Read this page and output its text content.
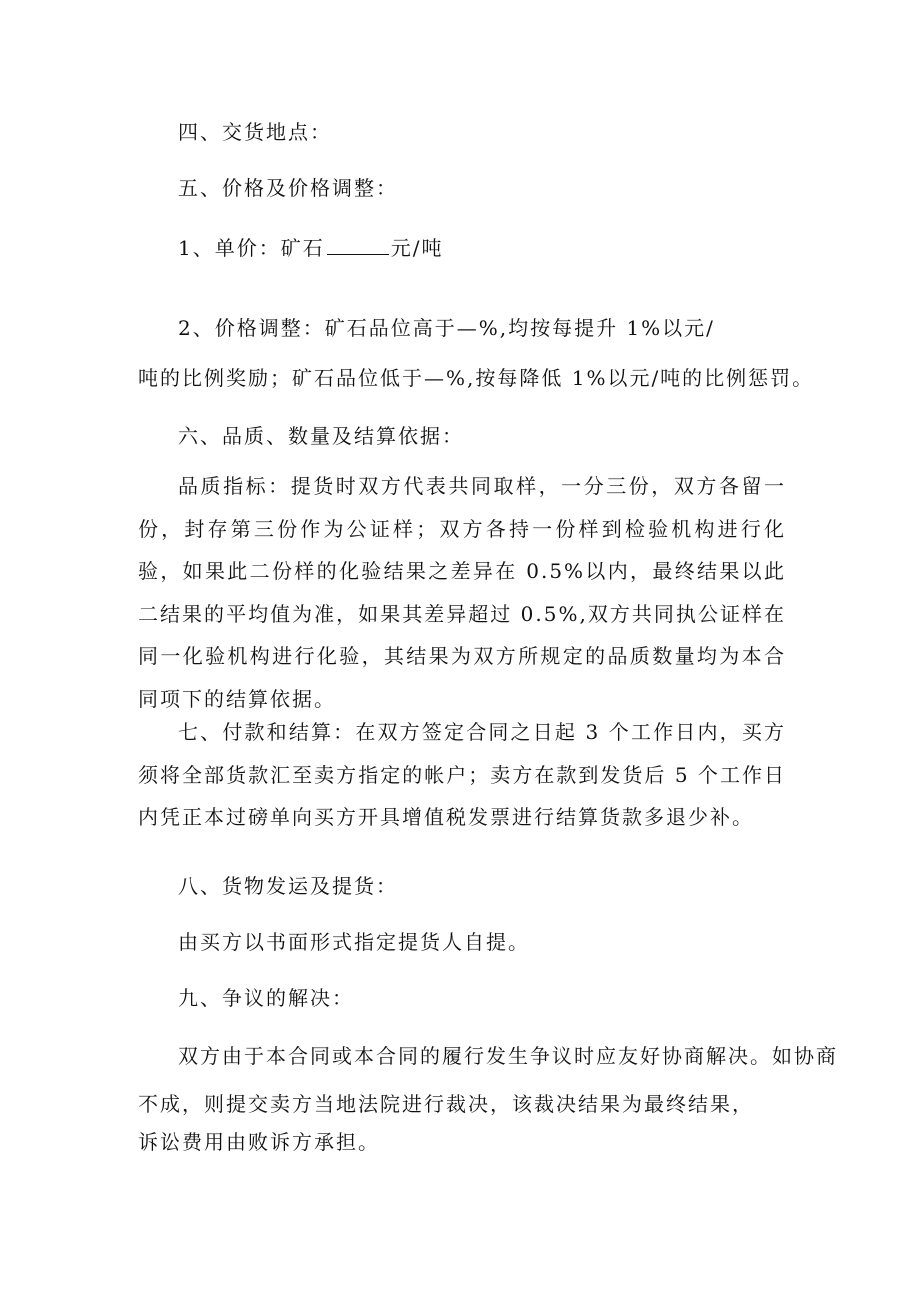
四、交货地点：
五、价格及价格调整：
1、单价：矿石	元/吨
2、价格调整：矿石品位高于—%,均按每提升 1%以元/
吨的比例奖励；矿石品位低于—%,按每降低 1%以元/吨的比例惩罚。
六、品质、数量及结算依据：
品质指标：提货时双方代表共同取样，一分三份，双方各留一份，封存第三份作为公证样；双方各持一份样到检验机构进行化验，如果此二份样的化验结果之差异在 0.5%以内，最终结果以此二结果的平均值为准，如果其差异超过 0.5%,双方共同执公证样在同一化验机构进行化验，其结果为双方所规定的品质数量均为本合同项下的结算依据。
七、付款和结算：在双方签定合同之日起 3 个工作日内，买方须将全部货款汇至卖方指定的帐户；卖方在款到发货后 5 个工作日内凭正本过磅单向买方开具增值税发票进行结算货款多退少补。
八、货物发运及提货：
由买方以书面形式指定提货人自提。
九、争议的解决：
双方由于本合同或本合同的履行发生争议时应友好协商解决。如协商
不成，则提交卖方当地法院进行裁决，该裁决结果为最终结果，
诉讼费用由败诉方承担。
